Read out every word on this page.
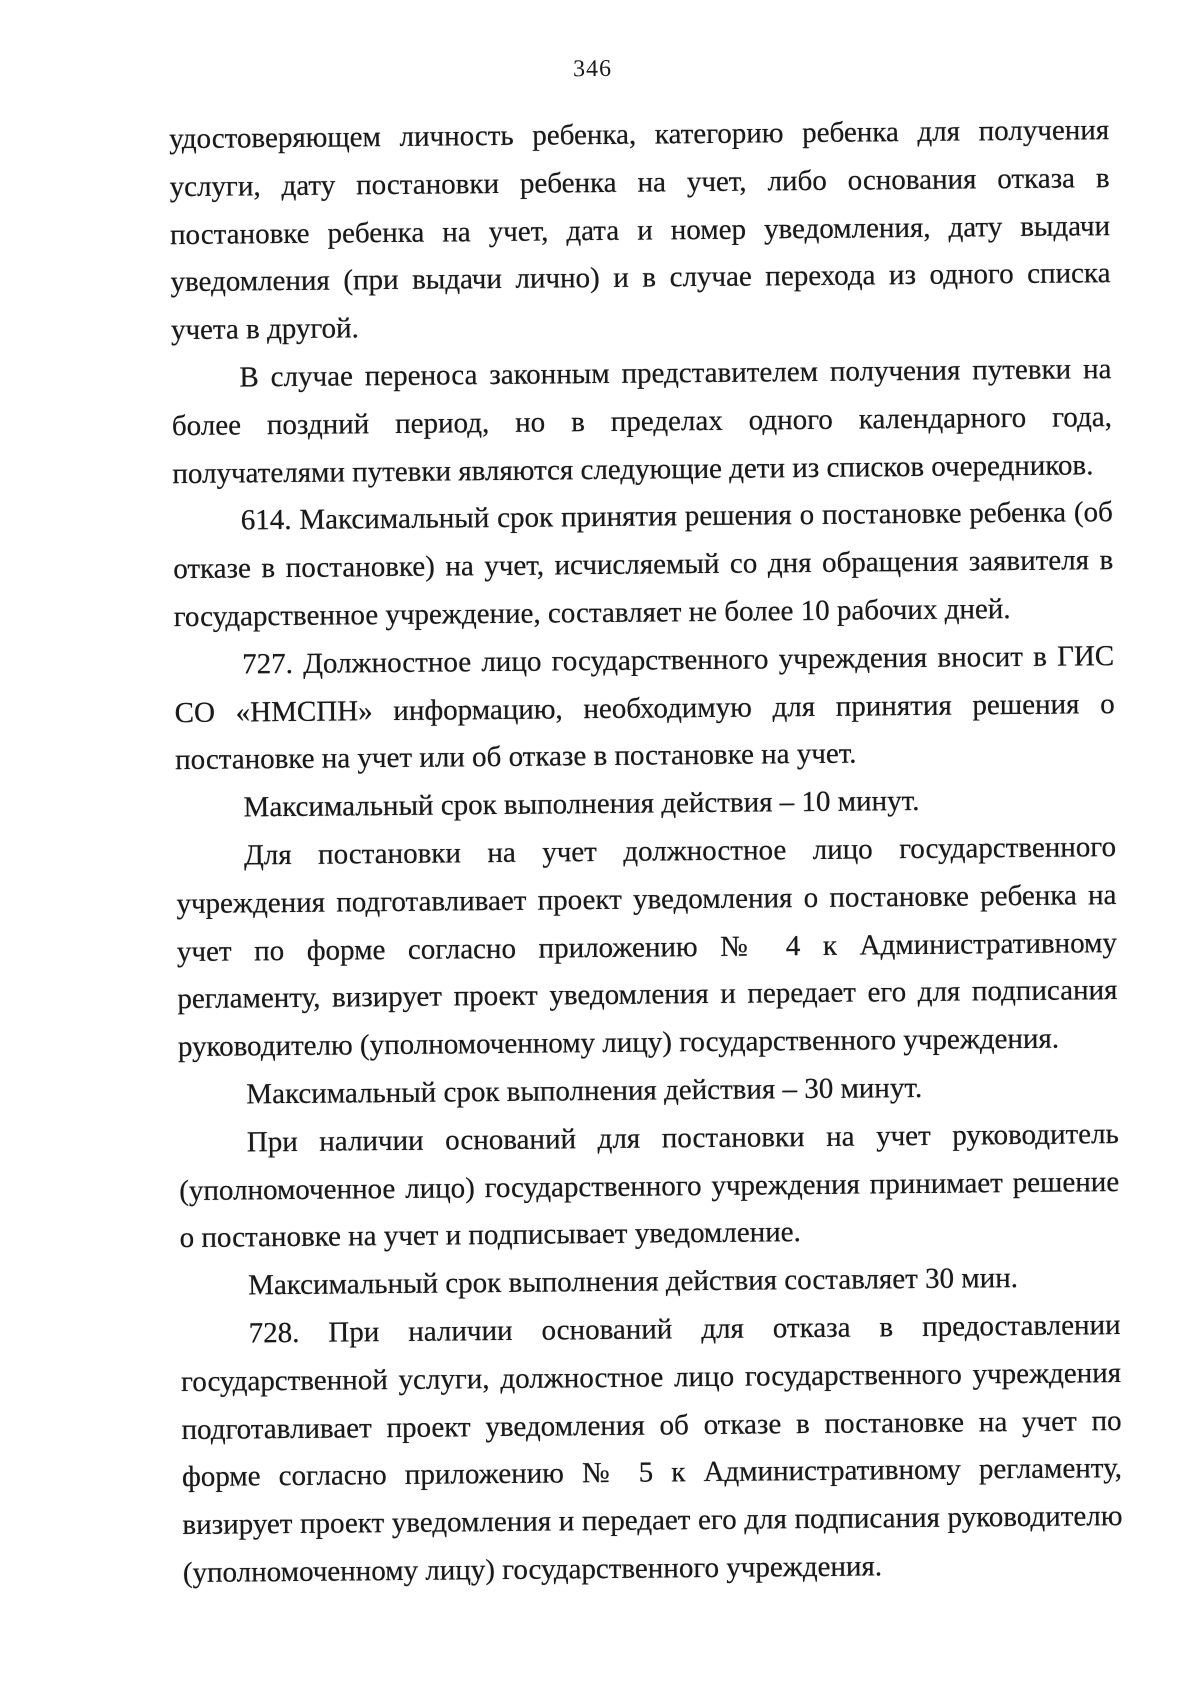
346

удостоверяющем личность ребенка, категорию ребенка для получения услуги, дату постановки ребенка на учет, либо основания отказа в постановке ребенка на учет, дата и номер уведомления, дату выдачи уведомления (при выдачи лично) и в случае перехода из одного списка учета в другой.

В случае переноса законным представителем получения путевки на более поздний период, но в пределах одного календарного года, получателями путевки являются следующие дети из списков очередников.

614. Максимальный срок принятия решения о постановке ребенка (об отказе в постановке) на учет, исчисляемый со дня обращения заявителя в государственное учреждение, составляет не более 10 рабочих дней.

727. Должностное лицо государственного учреждения вносит в ГИС СО «НМСПН» информацию, необходимую для принятия решения о постановке на учет или об отказе в постановке на учет.

Максимальный срок выполнения действия – 10 минут.

Для постановки на учет должностное лицо государственного учреждения подготавливает проект уведомления о постановке ребенка на учет по форме согласно приложению № 4 к Административному регламенту, визирует проект уведомления и передает его для подписания руководителю (уполномоченному лицу) государственного учреждения.

Максимальный срок выполнения действия – 30 минут.

При наличии оснований для постановки на учет руководитель (уполномоченное лицо) государственного учреждения принимает решение о постановке на учет и подписывает уведомление.

Максимальный срок выполнения действия составляет 30 мин.

728. При наличии оснований для отказа в предоставлении государственной услуги, должностное лицо государственного учреждения подготавливает проект уведомления об отказе в постановке на учет по форме согласно приложению № 5 к Административному регламенту, визирует проект уведомления и передает его для подписания руководителю (уполномоченному лицу) государственного учреждения.
